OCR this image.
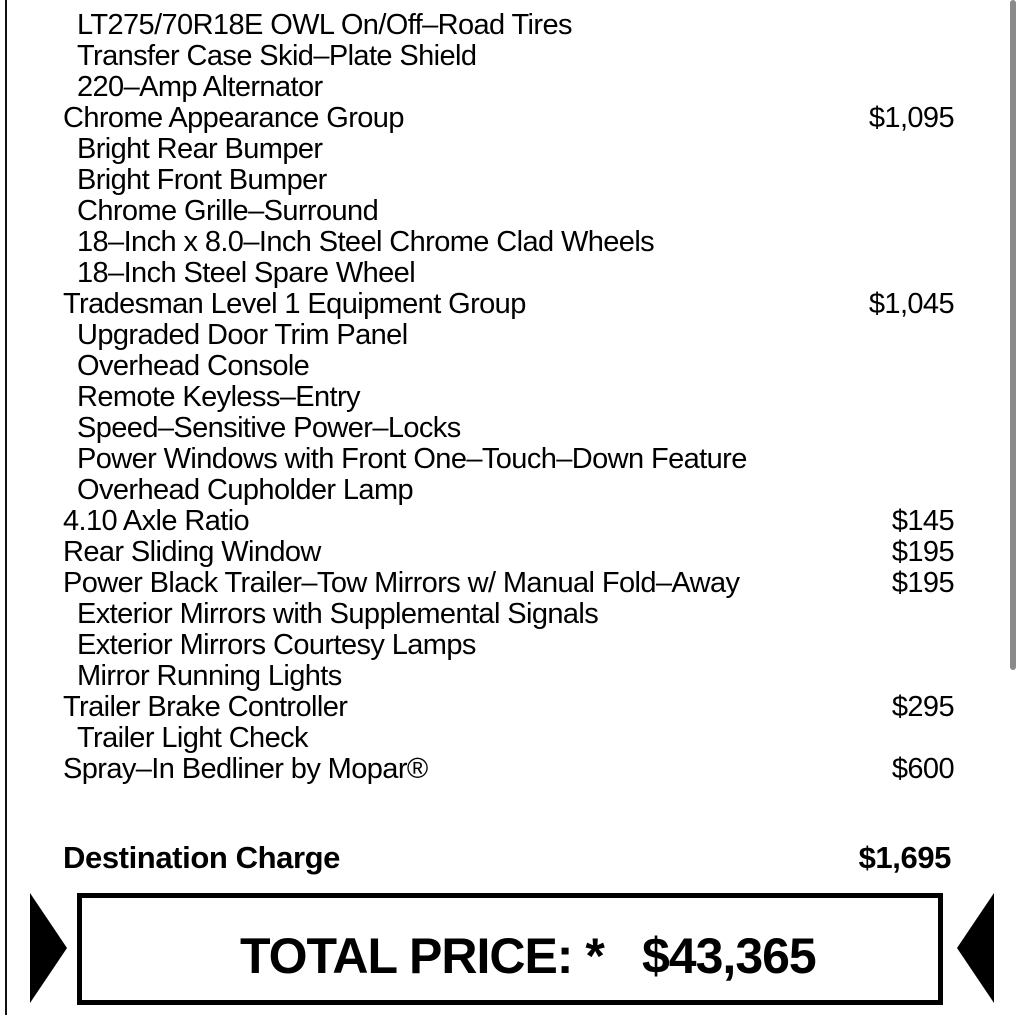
LT275/70R18E OWL On/Off–Road Tires
Transfer Case Skid–Plate Shield
220–Amp Alternator
Chrome Appearance Group	$1,095
Bright Rear Bumper
Bright Front Bumper
Chrome Grille–Surround
18–Inch x 8.0–Inch Steel Chrome Clad Wheels
18–Inch Steel Spare Wheel
Tradesman Level 1 Equipment Group	$1,045
Upgraded Door Trim Panel
Overhead Console
Remote Keyless–Entry
Speed–Sensitive Power–Locks
Power Windows with Front One–Touch–Down Feature
Overhead Cupholder Lamp
4.10 Axle Ratio	$145
Rear Sliding Window	$195
Power Black Trailer–Tow Mirrors w/ Manual Fold–Away	$195
Exterior Mirrors with Supplemental Signals
Exterior Mirrors Courtesy Lamps
Mirror Running Lights
Trailer Brake Controller	$295
Trailer Light Check
Spray–In Bedliner by Mopar®	$600
Destination Charge	$1,695
TOTAL PRICE: * $43,365
